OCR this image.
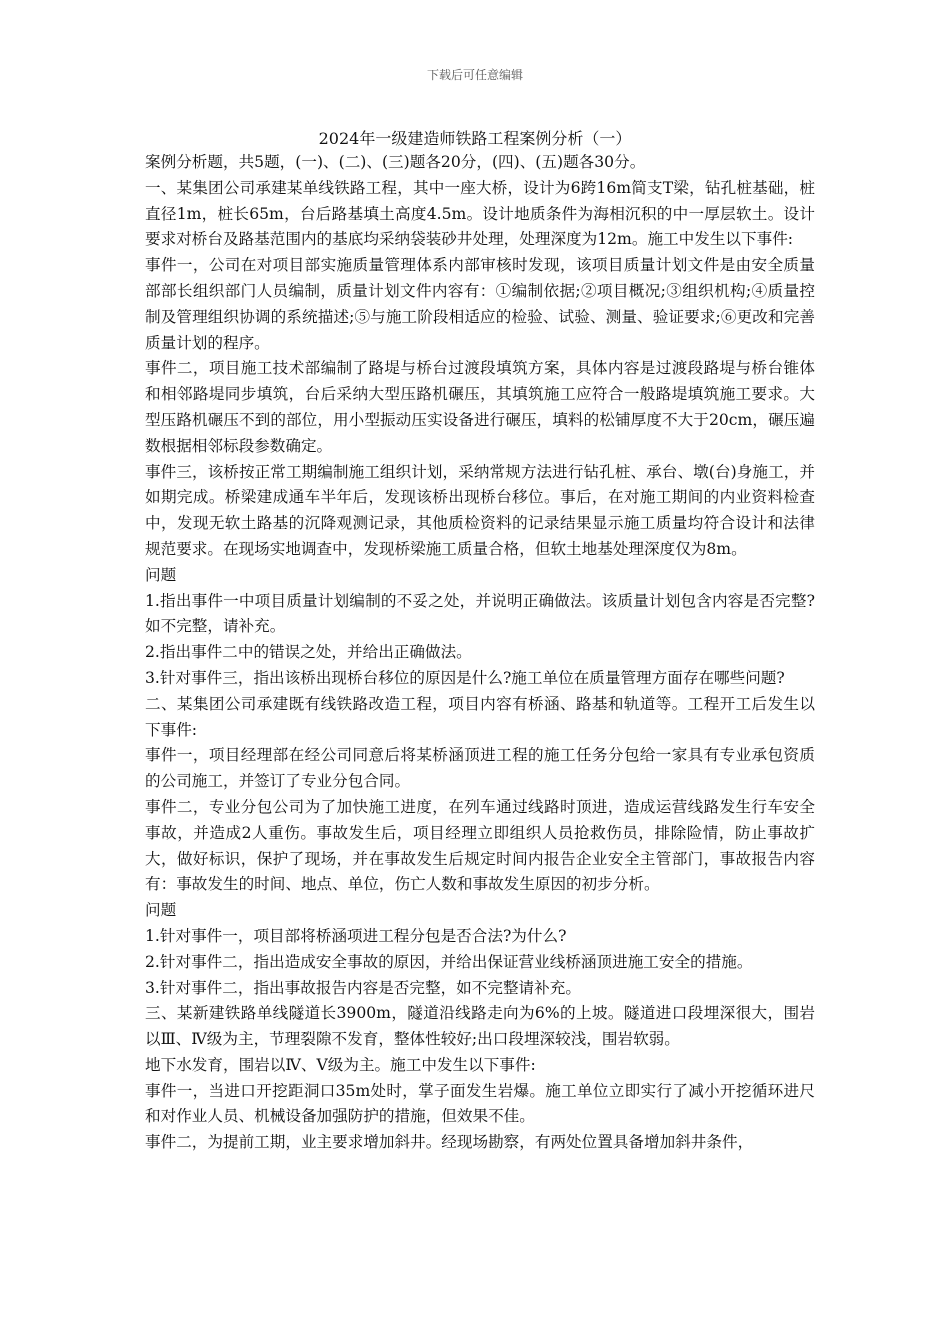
下载后可任意编辑
2024年一级建造师铁路工程案例分析（一）

案例分析题，共5题，(一)、(二)、(三)题各20分，(四)、(五)题各30分。

一、某集团公司承建某单线铁路工程，其中一座大桥，设计为6跨16m简支T梁，钻孔桩基础，桩直径1m，桩长65m，台后路基填土高度4.5m。设计地质条件为海相沉积的中一厚层软土。设计要求对桥台及路基范围内的基底均采纳袋装砂井处理，处理深度为12m。施工中发生以下事件:

事件一，公司在对项目部实施质量管理体系内部审核时发现，该项目质量计划文件是由安全质量部部长组织部门人员编制，质量计划文件内容有：①编制依据;②项目概况;③组织机构;④质量控制及管理组织协调的系统描述;⑤与施工阶段相适应的检验、试验、测量、验证要求;⑥更改和完善质量计划的程序。

事件二，项目施工技术部编制了路堤与桥台过渡段填筑方案，具体内容是过渡段路堤与桥台锥体和相邻路堤同步填筑，台后采纳大型压路机碾压，其填筑施工应符合一般路堤填筑施工要求。大型压路机碾压不到的部位，用小型振动压实设备进行碾压，填料的松铺厚度不大于20cm，碾压遍数根据相邻标段参数确定。

事件三，该桥按正常工期编制施工组织计划，采纳常规方法进行钻孔桩、承台、墩(台)身施工，并如期完成。桥梁建成通车半年后，发现该桥出现桥台移位。事后，在对施工期间的内业资料检查中，发现无软土路基的沉降观测记录，其他质检资料的记录结果显示施工质量均符合设计和法律规范要求。在现场实地调查中，发现桥梁施工质量合格，但软土地基处理深度仅为8m。

问题

1.指出事件一中项目质量计划编制的不妥之处，并说明正确做法。该质量计划包含内容是否完整?如不完整，请补充。

2.指出事件二中的错误之处，并给出正确做法。

3.针对事件三，指出该桥出现桥台移位的原因是什么?施工单位在质量管理方面存在哪些问题?

二、某集团公司承建既有线铁路改造工程，项目内容有桥涵、路基和轨道等。工程开工后发生以下事件:

事件一，项目经理部在经公司同意后将某桥涵顶进工程的施工任务分包给一家具有专业承包资质的公司施工，并签订了专业分包合同。

事件二，专业分包公司为了加快施工进度，在列车通过线路时顶进，造成运营线路发生行车安全事故，并造成2人重伤。事故发生后，项目经理立即组织人员抢救伤员，排除险情，防止事故扩大，做好标识，保护了现场，并在事故发生后规定时间内报告企业安全主管部门，事故报告内容有：事故发生的时间、地点、单位，伤亡人数和事故发生原因的初步分析。

问题

1.针对事件一，项目部将桥涵项进工程分包是否合法?为什么?

2.针对事件二，指出造成安全事故的原因，并给出保证营业线桥涵顶进施工安全的措施。

3.针对事件二，指出事故报告内容是否完整，如不完整请补充。

三、某新建铁路单线隧道长3900m，隧道沿线路走向为6%的上坡。隧道进口段埋深很大，围岩以Ⅲ、Ⅳ级为主，节理裂隙不发育，整体性较好;出口段埋深较浅，围岩软弱。

地下水发育，围岩以Ⅳ、Ⅴ级为主。施工中发生以下事件:

事件一，当进口开挖距洞口35m处时，掌子面发生岩爆。施工单位立即实行了减小开挖循环进尺和对作业人员、机械设备加强防护的措施，但效果不佳。

事件二，为提前工期，业主要求增加斜井。经现场勘察，有两处位置具备增加斜井条件，
